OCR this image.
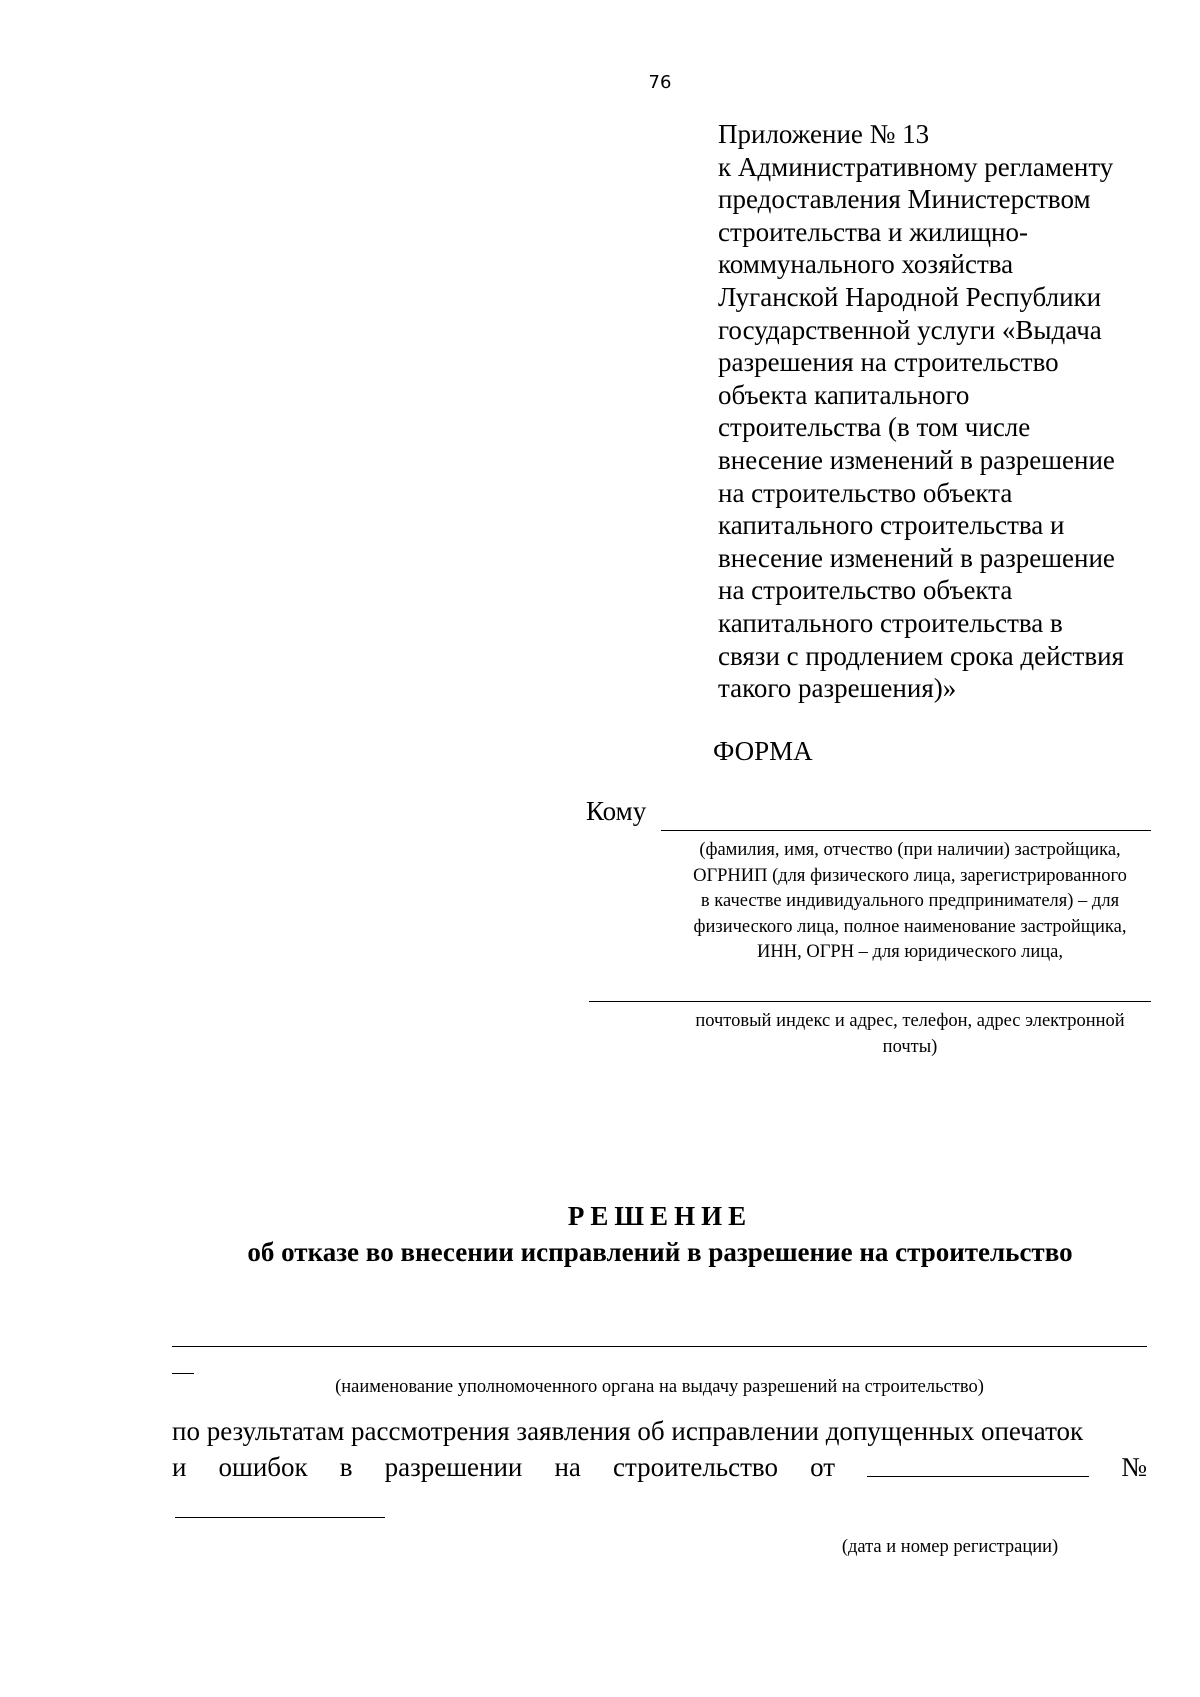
76
Приложение № 13
к Административному регламенту
предоставления Министерством
строительства и жилищно-
коммунального хозяйства
Луганской Народной Республики
государственной услуги «Выдача
разрешения на строительство
объекта капитального
строительства (в том числе
внесение изменений в разрешение
на строительство объекта
капитального строительства и
внесение изменений в разрешение
на строительство объекта
капитального строительства в
связи с продлением срока действия
такого разрешения)»
ФОРМА
Кому
(фамилия, имя, отчество (при наличии) застройщика,
ОГРНИП (для физического лица, зарегистрированного
в качестве индивидуального предпринимателя) – для
физического лица, полное наименование застройщика,
ИНН, ОГРН – для юридического лица,
почтовый индекс и адрес, телефон, адрес электронной
почты)
РЕШЕНИЕ
об отказе во внесении исправлений в разрешение на строительство
(наименование уполномоченного органа на выдачу разрешений на строительство)
по результатам рассмотрения заявления об исправлении допущенных опечаток
и ошибок в разрешении на строительство от	№
(дата и номер регистрации)
